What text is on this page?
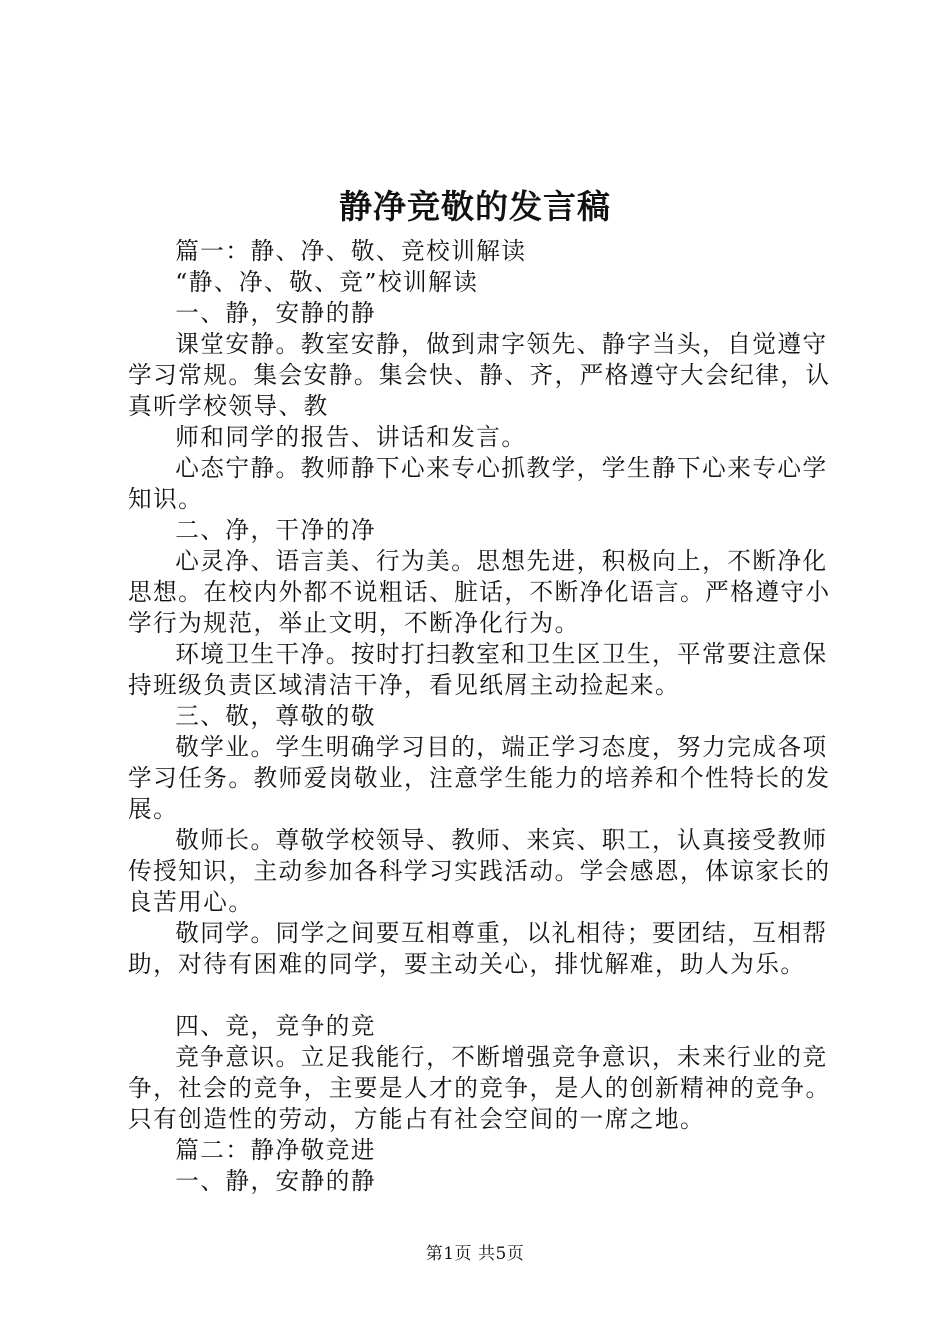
静净竞敬的发言稿

篇一：静、净、敬、竞校训解读

“静、净、敬、竞”校训解读

一、静，安静的静

课堂安静。教室安静，做到肃字领先、静字当头，自觉遵守学习常规。集会安静。集会快、静、齐，严格遵守大会纪律，认真听学校领导、教

师和同学的报告、讲话和发言。

心态宁静。教师静下心来专心抓教学，学生静下心来专心学知识。

二、净，干净的净

心灵净、语言美、行为美。思想先进，积极向上，不断净化思想。在校内外都不说粗话、脏话，不断净化语言。严格遵守小学行为规范，举止文明，不断净化行为。

环境卫生干净。按时打扫教室和卫生区卫生，平常要注意保持班级负责区域清洁干净，看见纸屑主动捡起来。

三、敬，尊敬的敬

敬学业。学生明确学习目的，端正学习态度，努力完成各项学习任务。教师爱岗敬业，注意学生能力的培养和个性特长的发展。

敬师长。尊敬学校领导、教师、来宾、职工，认真接受教师传授知识，主动参加各科学习实践活动。学会感恩，体谅家长的良苦用心。

敬同学。同学之间要互相尊重，以礼相待；要团结，互相帮助，对待有困难的同学，要主动关心，排忧解难，助人为乐。

四、竞，竞争的竞

竞争意识。立足我能行，不断增强竞争意识，未来行业的竞争，社会的竞争，主要是人才的竞争，是人的创新精神的竞争。只有创造性的劳动，方能占有社会空间的一席之地。

篇二：静净敬竞进

一、静，安静的静

第1页 共5页
